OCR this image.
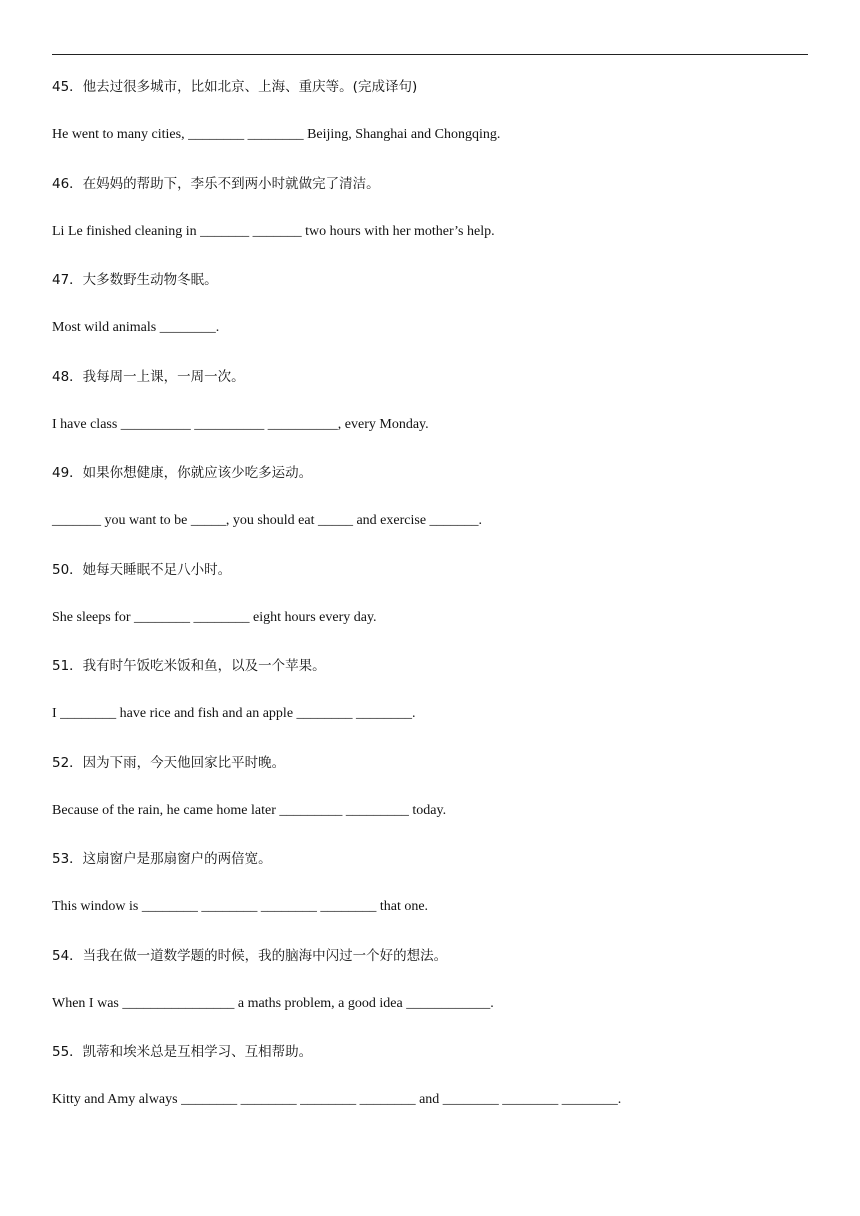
45．他去过很多城市，比如北京、上海、重庆等。(完成译句)
He went to many cities, ________ ________ Beijing, Shanghai and Chongqing.
46．在妈妈的帮助下，李乐不到两小时就做完了清洁。
Li Le finished cleaning in _______ _______ two hours with her mother’s help.
47．大多数野生动物冬眠。
Most wild animals ________.
48．我每周一上课，一周一次。
I have class __________ __________ __________, every Monday.
49．如果你想健康，你就应该少吃多运动。
_______ you want to be _____, you should eat _____ and exercise _______.
50．她每天睡眠不足八小时。
She sleeps for ________ ________ eight hours every day.
51．我有时午饭吃米饭和鱼，以及一个苹果。
I ________ have rice and fish and an apple ________ ________.
52．因为下雨，今天他回家比平时晚。
Because of the rain, he came home later _________ _________ today.
53．这扇窗户是那扇窗户的两倍宽。
This window is ________ ________ ________ ________ that one.
54．当我在做一道数学题的时候，我的脑海中闪过一个好的想法。
When I was ________________ a maths problem, a good idea ____________.
55．凯蒂和埃米总是互相学习、互相帮助。
Kitty and Amy always ________ ________ ________ ________ and ________ ________ ________.
